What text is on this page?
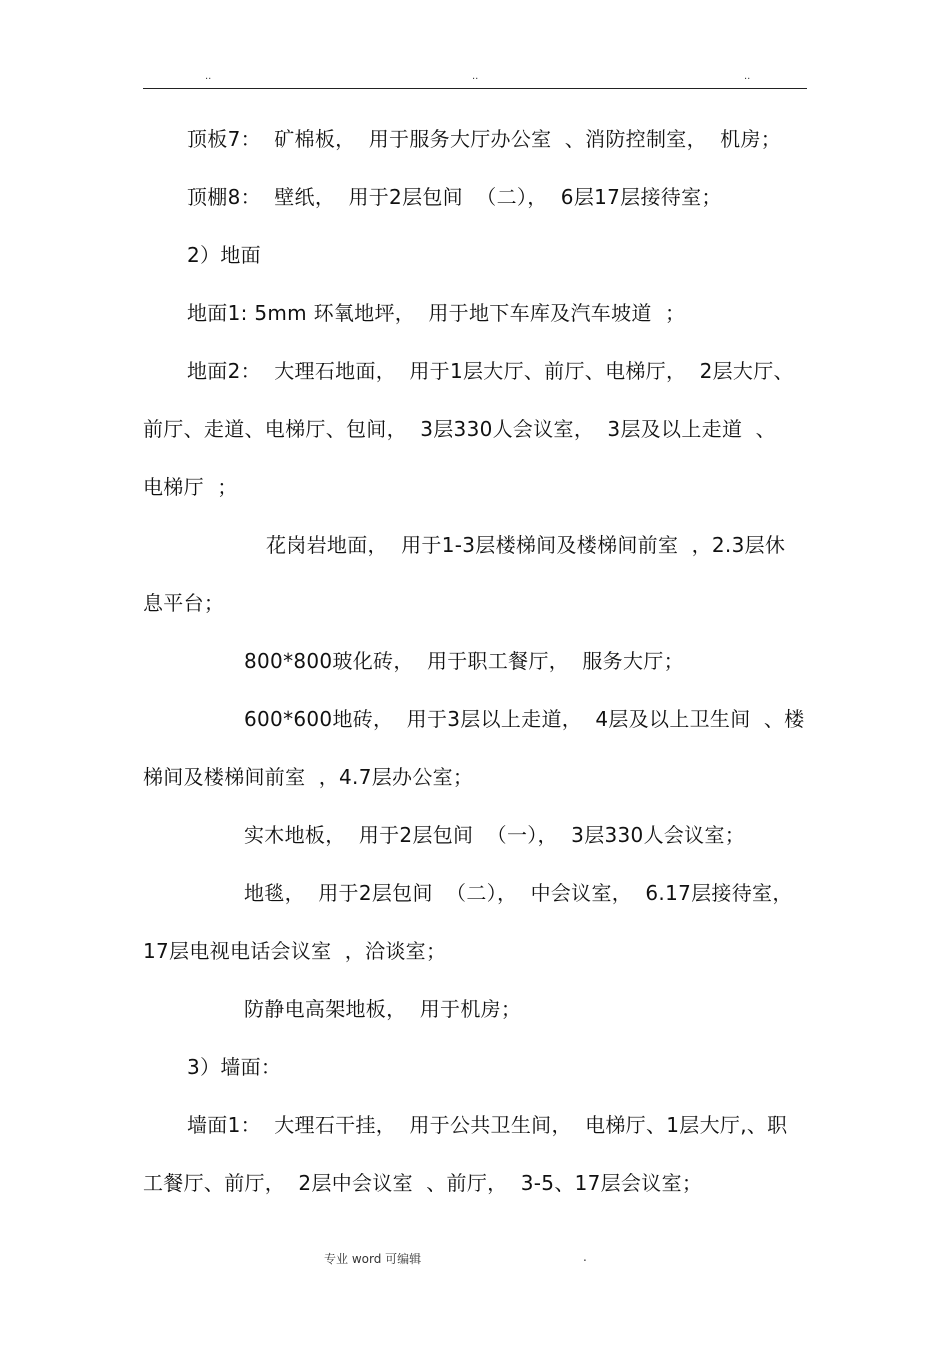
..	..	..
顶板7：  矿棉板，  用于服务大厅办公室  、消防控制室，  机房；
顶棚8：  壁纸，  用于2层包间  （二），  6层17层接待室；
2）地面
地面1: 5mm 环氧地坪，  用于地下车库及汽车坡道  ；
地面2：  大理石地面，  用于1层大厅、前厅、电梯厅，  2层大厅、
前厅、走道、电梯厅、包间，  3层330人会议室，  3层及以上走道  、
电梯厅  ；
花岗岩地面，  用于1-3层楼梯间及楼梯间前室  ，2.3层休
息平台；
800*800玻化砖，  用于职工餐厅，  服务大厅；
600*600地砖，  用于3层以上走道，  4层及以上卫生间  、楼
梯间及楼梯间前室  ，4.7层办公室；
实木地板，  用于2层包间  （一），  3层330人会议室；
地毯，  用于2层包间  （二），  中会议室，  6.17层接待室，
17层电视电话会议室  ，洽谈室；
防静电高架地板，  用于机房；
3）墙面：
墙面1：  大理石干挂，  用于公共卫生间，  电梯厅、1层大厅,、职
工餐厅、前厅，  2层中会议室  、前厅，  3-5、17层会议室；
专业 word 可编辑	.
